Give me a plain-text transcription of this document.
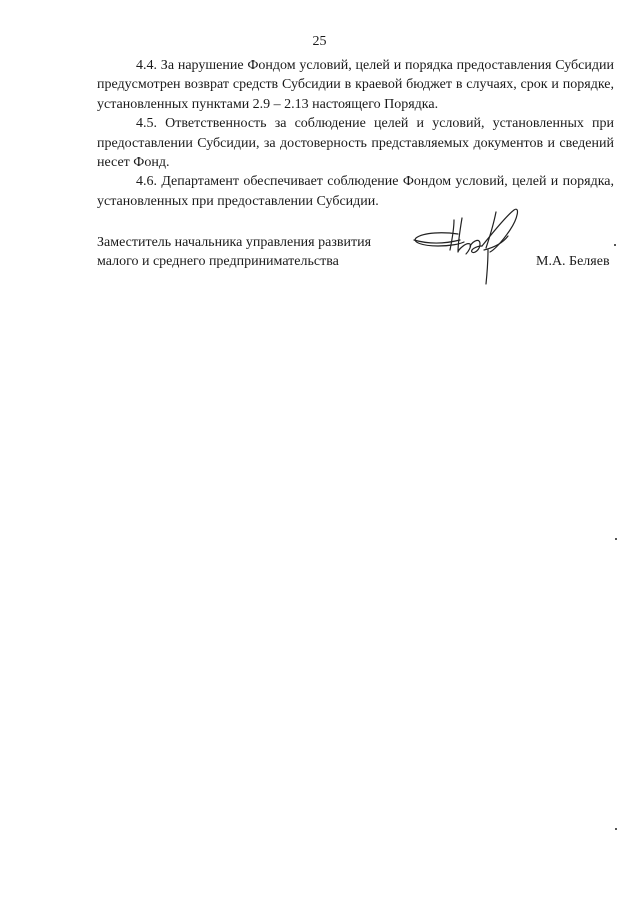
25

4.4. За нарушение Фондом условий, целей и порядка предоставления Субсидии предусмотрен возврат средств Субсидии в краевой бюджет в случаях, срок и порядке, установленных пунктами 2.9 – 2.13 настоящего Порядка.

4.5. Ответственность за соблюдение целей и условий, установленных при предоставлении Субсидии, за достоверность представляемых документов и сведений несет Фонд.

4.6. Департамент обеспечивает соблюдение Фондом условий, целей и порядка, установленных при предоставлении Субсидии.

Заместитель начальника управления развития
малого и среднего предпринимательства	М.А. Беляев
